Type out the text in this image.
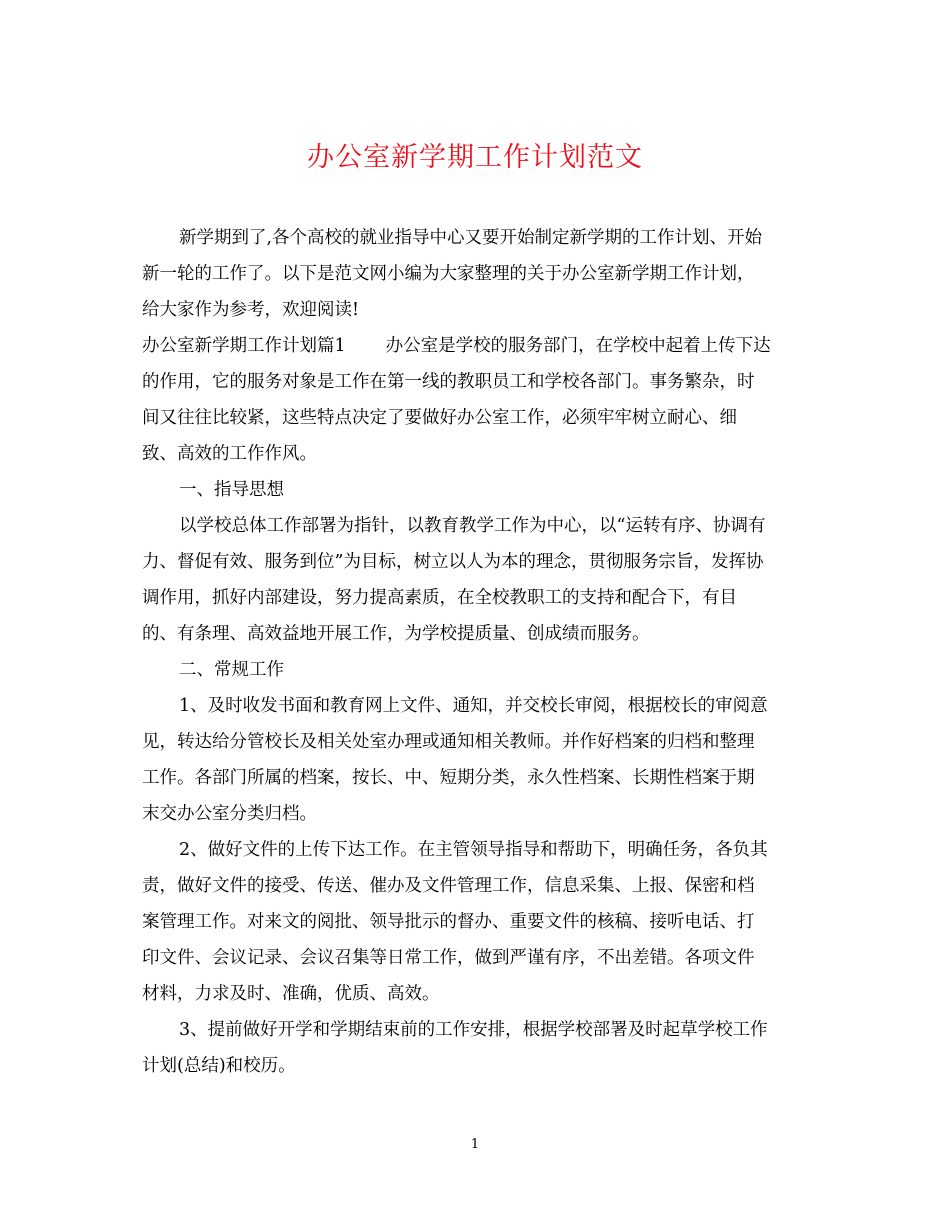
办公室新学期工作计划范文
新学期到了,各个高校的就业指导中心又要开始制定新学期的工作计划、开始
新一轮的工作了。以下是范文网小编为大家整理的关于办公室新学期工作计划，
给大家作为参考，欢迎阅读!
办公室新学期工作计划篇1 办公室是学校的服务部门，在学校中起着上传下达
的作用，它的服务对象是工作在第一线的教职员工和学校各部门。事务繁杂，时
间又往往比较紧，这些特点决定了要做好办公室工作，必须牢牢树立耐心、细
致、高效的工作作风。
一、指导思想
以学校总体工作部署为指针，以教育教学工作为中心，以“运转有序、协调有
力、督促有效、服务到位”为目标，树立以人为本的理念，贯彻服务宗旨，发挥协
调作用，抓好内部建设，努力提高素质，在全校教职工的支持和配合下，有目
的、有条理、高效益地开展工作，为学校提质量、创成绩而服务。
二、常规工作
1、及时收发书面和教育网上文件、通知，并交校长审阅，根据校长的审阅意
见，转达给分管校长及相关处室办理或通知相关教师。并作好档案的归档和整理
工作。各部门所属的档案，按长、中、短期分类，永久性档案、长期性档案于期
末交办公室分类归档。
2、做好文件的上传下达工作。在主管领导指导和帮助下，明确任务，各负其
责，做好文件的接受、传送、催办及文件管理工作，信息采集、上报、保密和档
案管理工作。对来文的阅批、领导批示的督办、重要文件的核稿、接听电话、打
印文件、会议记录、会议召集等日常工作，做到严谨有序，不出差错。各项文件
材料，力求及时、准确，优质、高效。
3、提前做好开学和学期结束前的工作安排，根据学校部署及时起草学校工作
计划(总结)和校历。
1
